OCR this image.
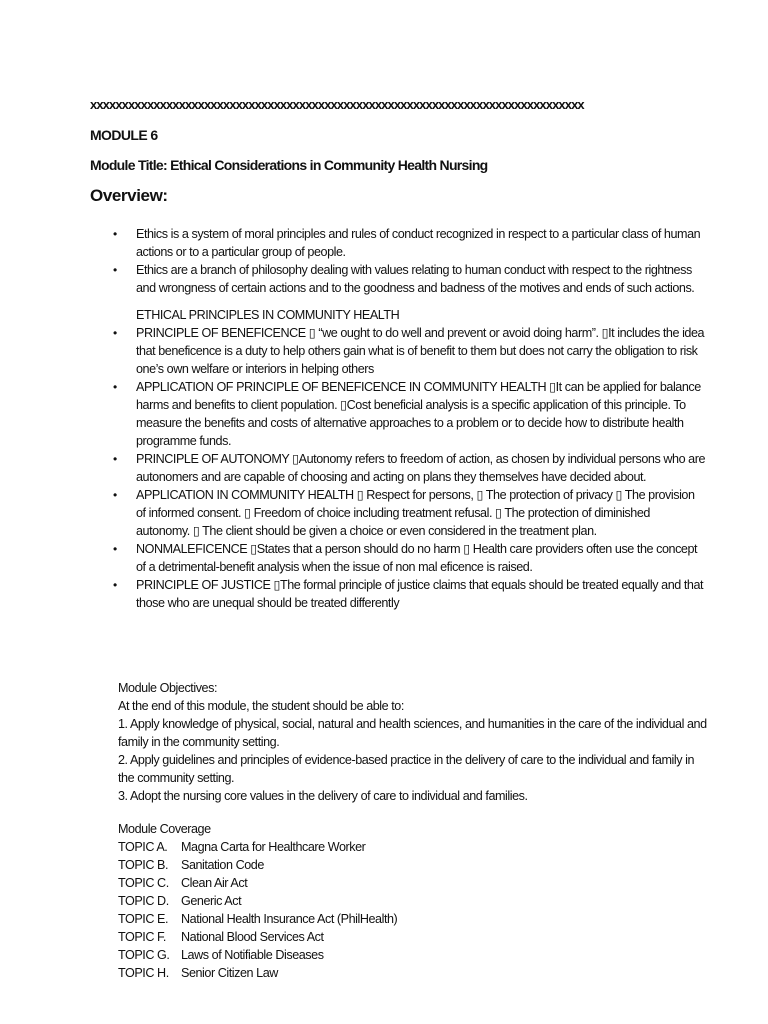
xxxxxxxxxxxxxxxxxxxxxxxxxxxxxxxxxxxxxxxxxxxxxxxxxxxxxxxxxxxxxxxxxxxxxxxxxxxxxx
MODULE 6
Module Title: Ethical Considerations in Community Health Nursing
Overview:
• Ethics is a system of moral principles and rules of conduct recognized in respect to a particular class of human actions or to a particular group of people.
• Ethics are a branch of philosophy dealing with values relating to human conduct with respect to the rightness and wrongness of certain actions and to the goodness and badness of the motives and ends of such actions.
ETHICAL PRINCIPLES IN COMMUNITY HEALTH
• PRINCIPLE OF BENEFICENCE ▯ “we ought to do well and prevent or avoid doing harm”. ▯It includes the idea that beneficence is a duty to help others gain what is of benefit to them but does not carry the obligation to risk one’s own welfare or interiors in helping others
• APPLICATION OF PRINCIPLE OF BENEFICENCE IN COMMUNITY HEALTH ▯It can be applied for balance harms and benefits to client population. ▯Cost beneficial analysis is a specific application of this principle. To measure the benefits and costs of alternative approaches to a problem or to decide how to distribute health programme funds.
• PRINCIPLE OF AUTONOMY ▯Autonomy refers to freedom of action, as chosen by individual persons who are autonomers and are capable of choosing and acting on plans they themselves have decided about.
• APPLICATION IN COMMUNITY HEALTH ▯ Respect for persons, ▯ The protection of privacy ▯ The provision of informed consent. ▯ Freedom of choice including treatment refusal. ▯ The protection of diminished autonomy. ▯ The client should be given a choice or even considered in the treatment plan.
• NONMALEFICENCE ▯States that a person should do no harm ▯ Health care providers often use the concept of a detrimental-benefit analysis when the issue of non mal eficence is raised.
• PRINCIPLE OF JUSTICE ▯The formal principle of justice claims that equals should be treated equally and that those who are unequal should be treated differently
Module Objectives:
At the end of this module, the student should be able to:
1. Apply knowledge of physical, social, natural and health sciences, and humanities in the care of the individual and family in the community setting.
2. Apply guidelines and principles of evidence-based practice in the delivery of care to the individual and family in the community setting.
3. Adopt the nursing core values in the delivery of care to individual and families.
Module Coverage
TOPIC A.	Magna Carta for Healthcare Worker
TOPIC B.	Sanitation Code
TOPIC C. Clean Air Act
TOPIC D. Generic Act
TOPIC E.	National Health Insurance Act (PhilHealth)
TOPIC F.	National Blood Services Act
TOPIC G. Laws of Notifiable Diseases
TOPIC H. Senior Citizen Law
